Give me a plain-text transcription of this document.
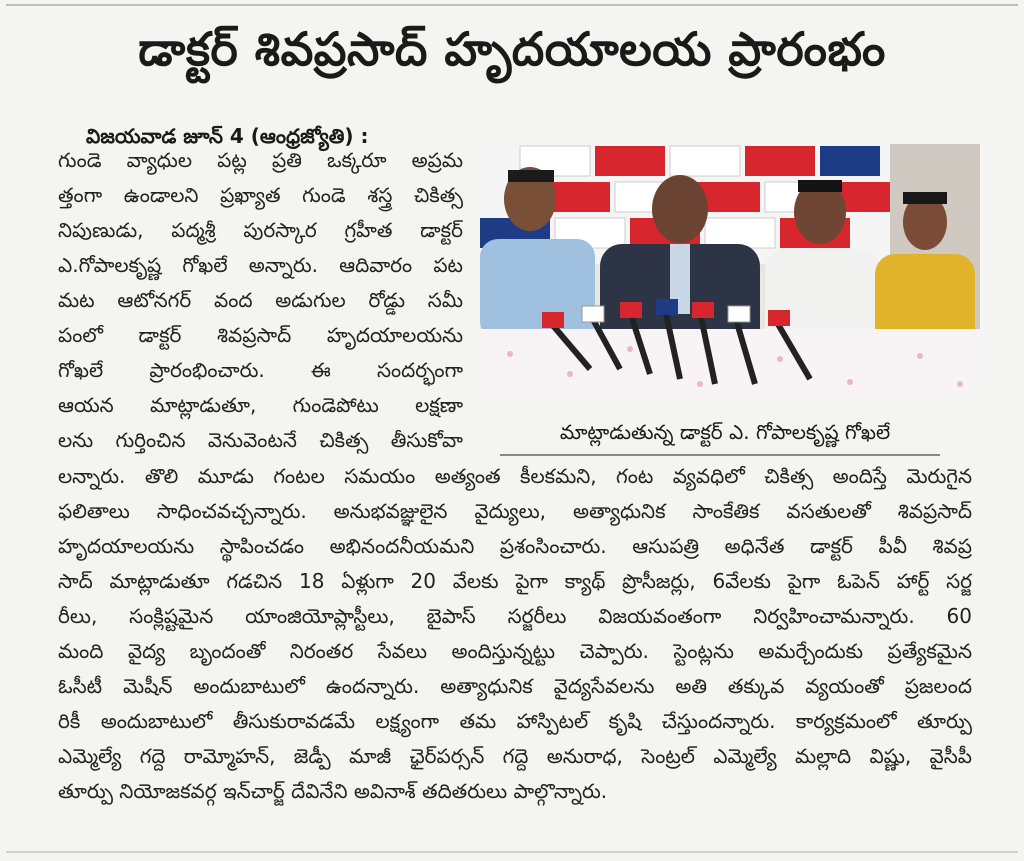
డాక్టర్ శివప్రసాద్ హృదయాలయ ప్రారంభం
విజయవాడ జూన్ 4 (ఆంధ్రజ్యోతి) :
గుండె వ్యాధుల పట్ల ప్రతి ఒక్కరూ అప్రమ
త్తంగా ఉండాలని ప్రఖ్యాత గుండె శస్త్ర చికిత్స
నిపుణుడు, పద్మశ్రీ పురస్కార గ్రహీత డాక్టర్
ఎ.గోపాలకృష్ణ గోఖలే అన్నారు. ఆదివారం పట
మట ఆటోనగర్ వంద అడుగుల రోడ్డు సమీ
పంలో డాక్టర్ శివప్రసాద్ హృదయాలయను
గోఖలే ప్రారంభించారు. ఈ సందర్భంగా
ఆయన మాట్లాడుతూ, గుండెపోటు లక్షణా
లను గుర్తించిన వెనువెంటనే చికిత్స తీసుకోవా
లన్నారు. తొలి మూడు గంటల సమయం అత్యంత కీలకమని, గంట వ్యవధిలో చికిత్స అందిస్తే మెరుగైన
ఫలితాలు సాధించవచ్చన్నారు. అనుభవజ్ఞులైన వైద్యులు, అత్యాధునిక సాంకేతిక వసతులతో శివప్రసాద్
హృదయాలయను స్థాపించడం అభినందనీయమని ప్రశంసించారు. ఆసుపత్రి అధినేత డాక్టర్ పీవీ శివప్ర
సాద్ మాట్లాడుతూ గడచిన 18 ఏళ్లుగా 20 వేలకు పైగా క్యాథ్ ప్రొసీజర్లు, 6వేలకు పైగా ఓపెన్ హార్ట్ సర్జ
రీలు, సంక్లిష్టమైన యాంజియోప్లాస్టీలు, బైపాస్ సర్జరీలు విజయవంతంగా నిర్వహించామన్నారు. 60
మంది వైద్య బృందంతో నిరంతర సేవలు అందిస్తున్నట్టు చెప్పారు. స్టెంట్లను అమర్చేందుకు ప్రత్యేకమైన
ఓసీటీ మెషీన్ అందుబాటులో ఉందన్నారు. అత్యాధునిక వైద్యసేవలను అతి తక్కువ వ్యయంతో ప్రజలంద
రికీ అందుబాటులో తీసుకురావడమే లక్ష్యంగా తమ హాస్పిటల్ కృషి చేస్తుందన్నారు. కార్యక్రమంలో తూర్పు
ఎమ్మెల్యే గద్దె రామ్మోహన్, జెడ్పీ మాజీ ఛైర్‌పర్సన్ గద్దె అనురాధ, సెంట్రల్ ఎమ్మెల్యే మల్లాది విష్ణు, వైసీపీ
తూర్పు నియోజకవర్గ ఇన్‌చార్జ్ దేవినేని అవినాశ్ తదితరులు పాల్గొన్నారు.
మాట్లాడుతున్న డాక్టర్ ఎ. గోపాలకృష్ణ గోఖలే
